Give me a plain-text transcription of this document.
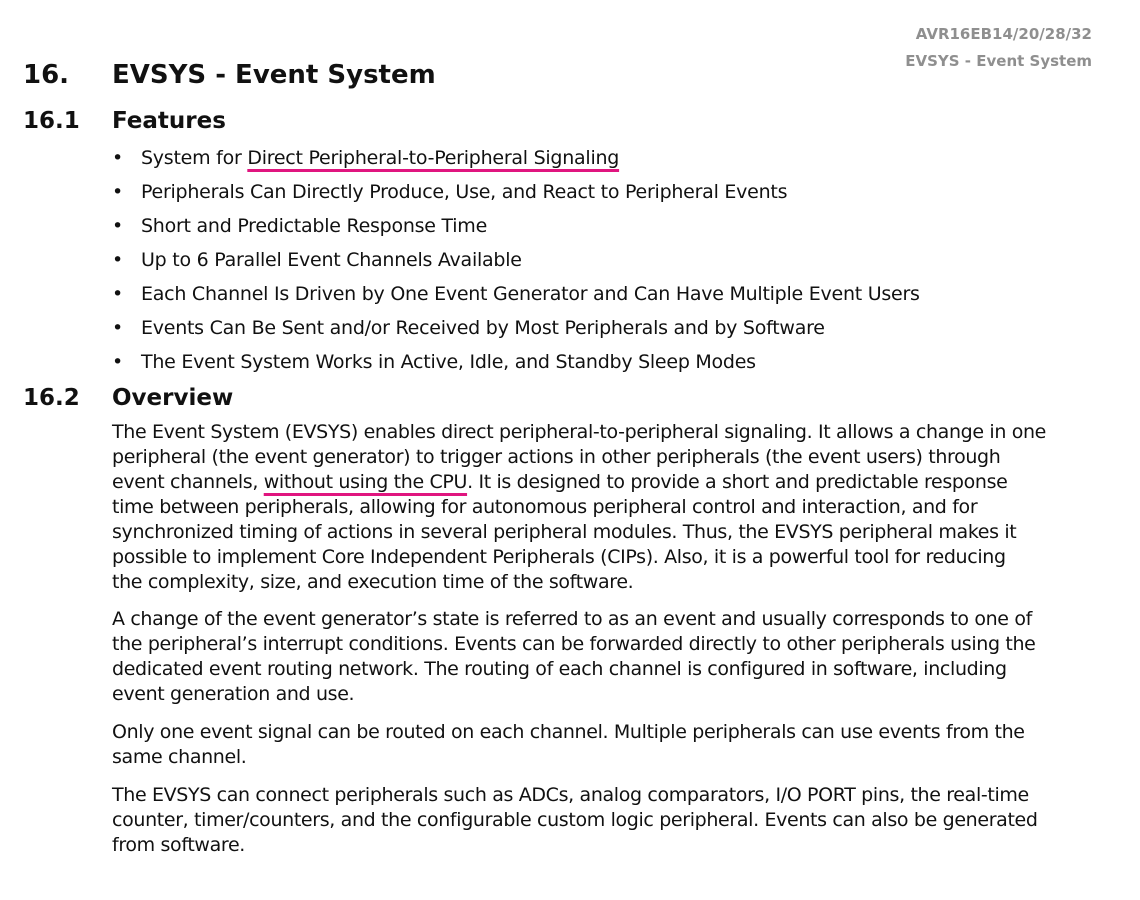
AVR16EB14/20/28/32
EVSYS - Event System
16. EVSYS - Event System
16.1 Features
• System for Direct Peripheral-to-Peripheral Signaling
• Peripherals Can Directly Produce, Use, and React to Peripheral Events
• Short and Predictable Response Time
• Up to 6 Parallel Event Channels Available
• Each Channel Is Driven by One Event Generator and Can Have Multiple Event Users
• Events Can Be Sent and/or Received by Most Peripherals and by Software
• The Event System Works in Active, Idle, and Standby Sleep Modes
16.2 Overview
The Event System (EVSYS) enables direct peripheral-to-peripheral signaling. It allows a change in one
peripheral (the event generator) to trigger actions in other peripherals (the event users) through
event channels, without using the CPU. It is designed to provide a short and predictable response
time between peripherals, allowing for autonomous peripheral control and interaction, and for
synchronized timing of actions in several peripheral modules. Thus, the EVSYS peripheral makes it
possible to implement Core Independent Peripherals (CIPs). Also, it is a powerful tool for reducing
the complexity, size, and execution time of the software.
A change of the event generator’s state is referred to as an event and usually corresponds to one of
the peripheral’s interrupt conditions. Events can be forwarded directly to other peripherals using the
dedicated event routing network. The routing of each channel is configured in software, including
event generation and use.
Only one event signal can be routed on each channel. Multiple peripherals can use events from the
same channel.
The EVSYS can connect peripherals such as ADCs, analog comparators, I/O PORT pins, the real-time
counter, timer/counters, and the configurable custom logic peripheral. Events can also be generated
from software.
